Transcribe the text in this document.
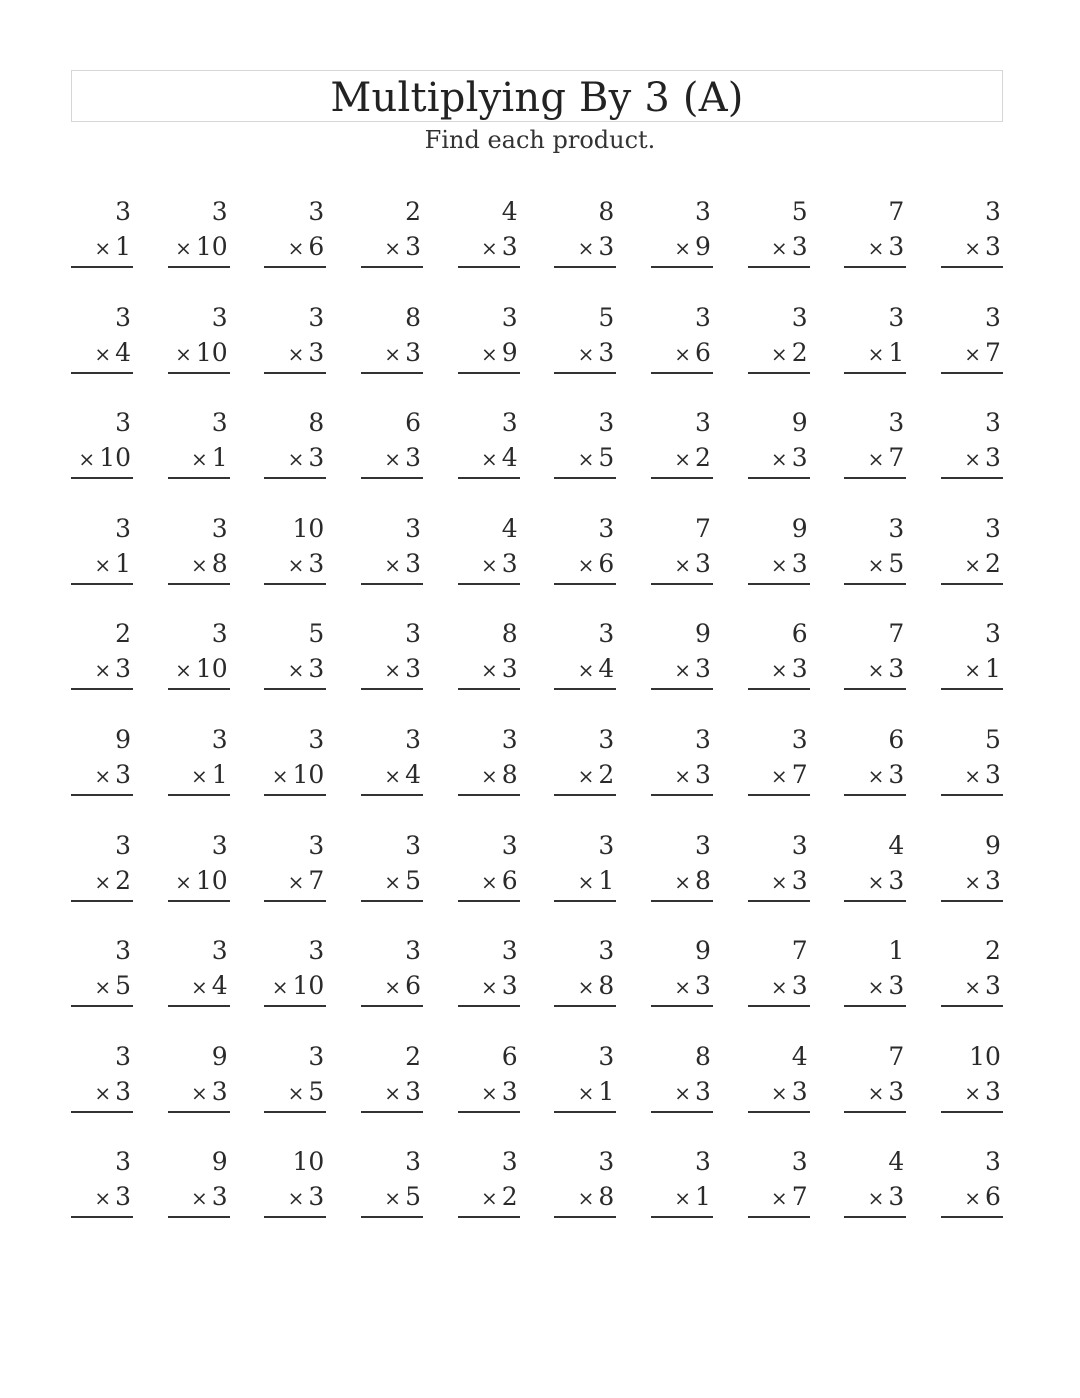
Multiplying By 3 (A)
Find each product.
3
× 1
3
× 10
3
× 6
2
× 3
4
× 3
8
× 3
3
× 9
5
× 3
7
× 3
3
× 3
3
× 4
3
× 10
3
× 3
8
× 3
3
× 9
5
× 3
3
× 6
3
× 2
3
× 1
3
× 7
3
× 10
3
× 1
8
× 3
6
× 3
3
× 4
3
× 5
3
× 2
9
× 3
3
× 7
3
× 3
3
× 1
3
× 8
10
× 3
3
× 3
4
× 3
3
× 6
7
× 3
9
× 3
3
× 5
3
× 2
2
× 3
3
× 10
5
× 3
3
× 3
8
× 3
3
× 4
9
× 3
6
× 3
7
× 3
3
× 1
9
× 3
3
× 1
3
× 10
3
× 4
3
× 8
3
× 2
3
× 3
3
× 7
6
× 3
5
× 3
3
× 2
3
× 10
3
× 7
3
× 5
3
× 6
3
× 1
3
× 8
3
× 3
4
× 3
9
× 3
3
× 5
3
× 4
3
× 10
3
× 6
3
× 3
3
× 8
9
× 3
7
× 3
1
× 3
2
× 3
3
× 3
9
× 3
3
× 5
2
× 3
6
× 3
3
× 1
8
× 3
4
× 3
7
× 3
10
× 3
3
× 3
9
× 3
10
× 3
3
× 5
3
× 2
3
× 8
3
× 1
3
× 7
4
× 3
3
× 6
